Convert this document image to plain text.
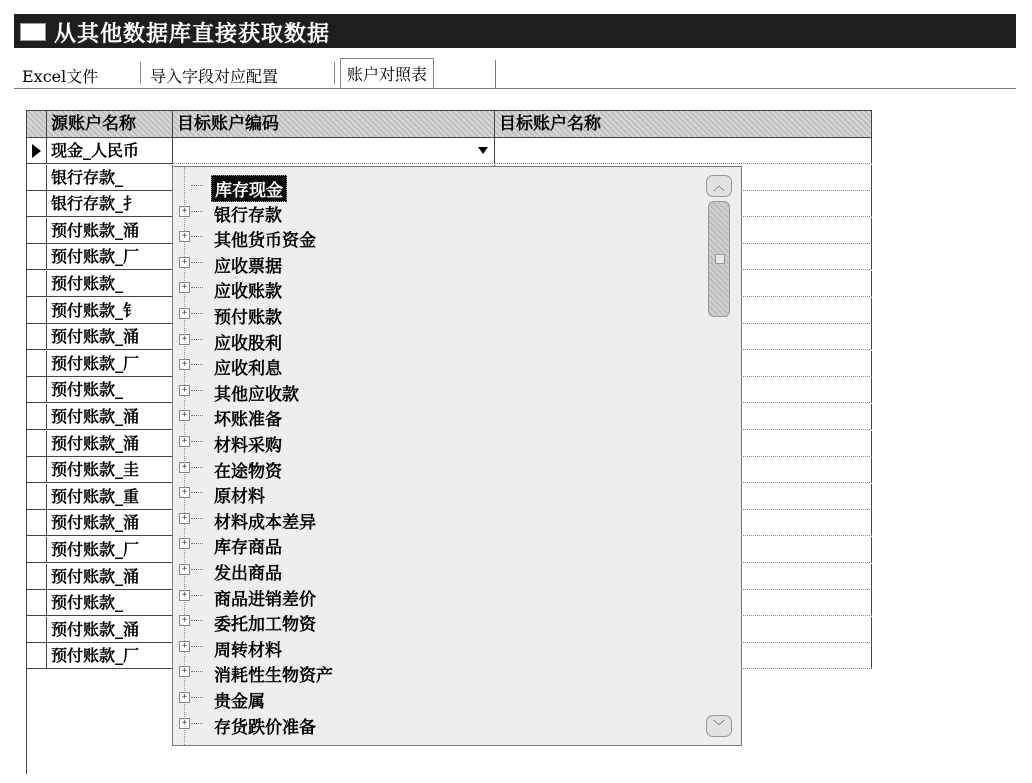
从其他数据库直接获取数据
Excel文件	导入字段对应配置	账户对照表
源账户名称	目标账户编码	目标账户名称
现金_人民币
银行存款_
银行存款_扌
预付账款_涌
预付账款_厂
预付账款_
预付账款_钅
预付账款_涌
预付账款_厂
预付账款_
预付账款_涌
预付账款_涌
预付账款_圭
预付账款_重
预付账款_涌
预付账款_厂
预付账款_涌
预付账款_
预付账款_涌
预付账款_厂
库存现金
+ 银行存款
+ 其他货币资金
+ 应收票据
+ 应收账款
+ 预付账款
+ 应收股利
+ 应收利息
+ 其他应收款
+ 坏账准备
+ 材料采购
+ 在途物资
+ 原材料
+ 材料成本差异
+ 库存商品
+ 发出商品
+ 商品进销差价
+ 委托加工物资
+ 周转材料
+ 消耗性生物资产
+ 贵金属
+ 存货跌价准备
︿
﹀
